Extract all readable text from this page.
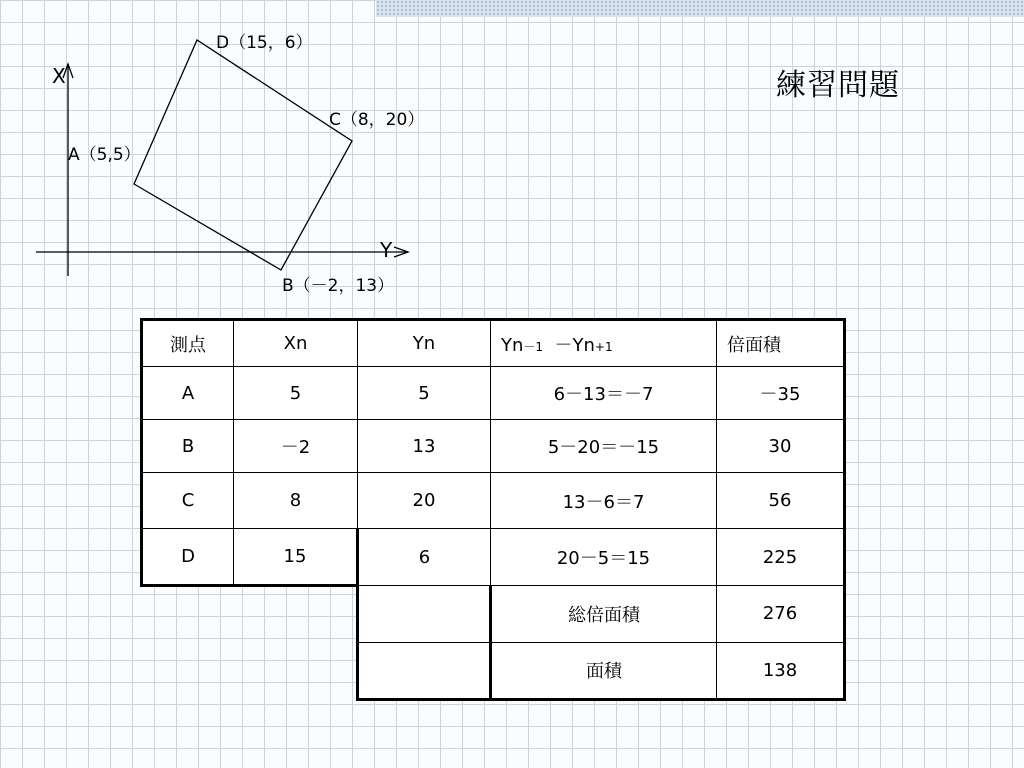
X
Y
A（5,5）
B（－2，13）
C（8，20）
D（15，6）
練習問題
測点	Xn	Yn	Yn－1  －Yn+1	倍面積
A	5	5	6－13＝－7	－35
B	－2	13	5－20＝－15	30
C	8	20	13－6＝7	56
D	15	6	20－5＝15	225
			総倍面積	276
			面積	138
